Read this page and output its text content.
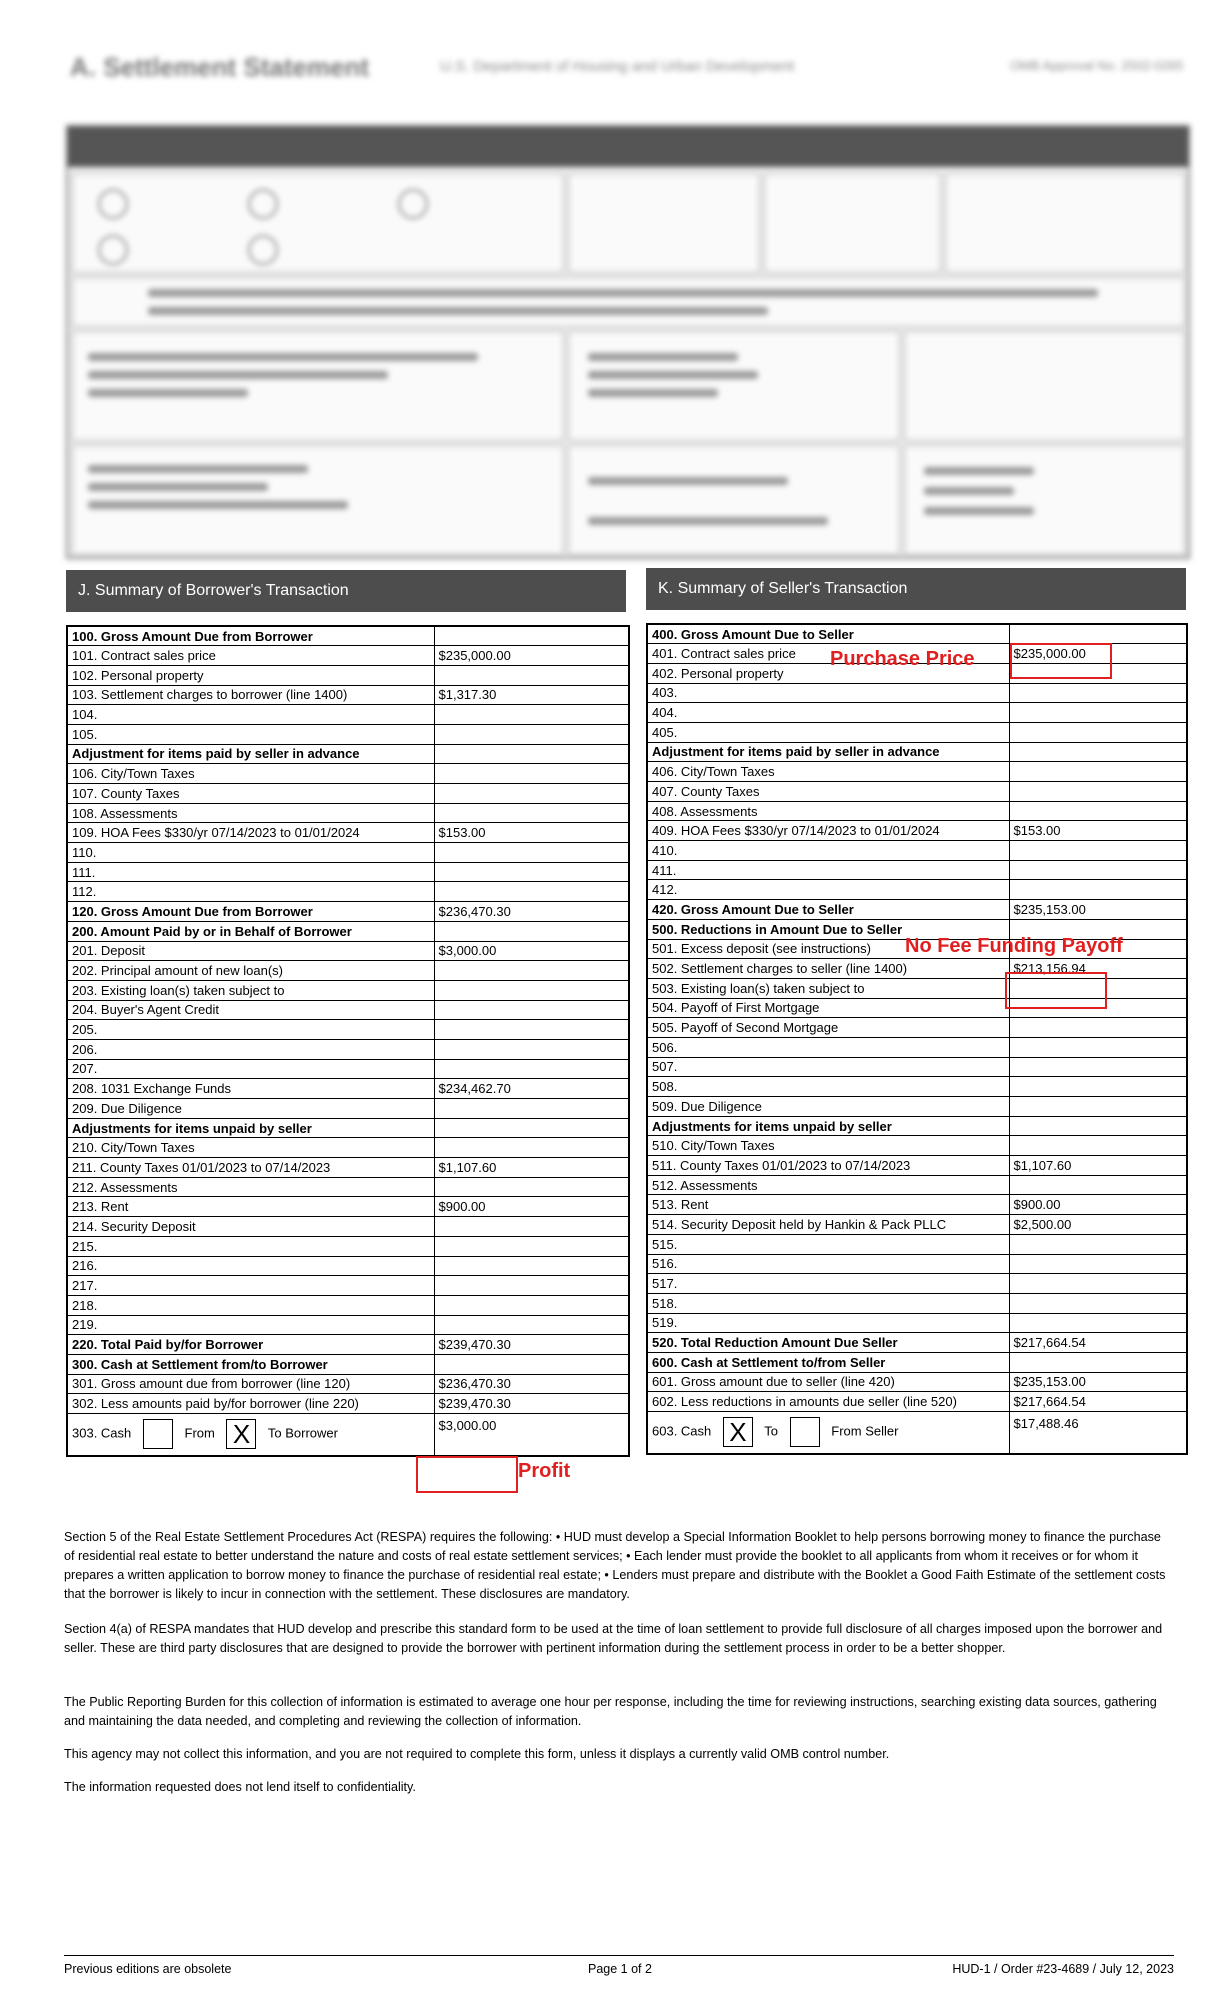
A. Settlement Statement	U.S. Department of Housing and Urban Development	OMB Approval No. 2502-0265
J. Summary of Borrower's Transaction	K. Summary of Seller's Transaction
100. Gross Amount Due from Borrower	
101. Contract sales price	$235,000.00
102. Personal property	
103. Settlement charges to borrower (line 1400)	$1,317.30
104.	
105.	
Adjustment for items paid by seller in advance	
106. City/Town Taxes	
107. County Taxes	
108. Assessments	
109. HOA Fees $330/yr 07/14/2023 to 01/01/2024	$153.00
110.	
111.	
112.	
120. Gross Amount Due from Borrower	$236,470.30
200. Amount Paid by or in Behalf of Borrower	
201. Deposit	$3,000.00
202. Principal amount of new loan(s)	
203. Existing loan(s) taken subject to	
204. Buyer's Agent Credit	
205.	
206.	
207.	
208. 1031 Exchange Funds	$234,462.70
209. Due Diligence	
Adjustments for items unpaid by seller	
210. City/Town Taxes	
211. County Taxes 01/01/2023 to 07/14/2023	$1,107.60
212. Assessments	
213. Rent	$900.00
214. Security Deposit	
215.	
216.	
217.	
218.	
219.	
220. Total Paid by/for Borrower	$239,470.30
300. Cash at Settlement from/to Borrower	
301. Gross amount due from borrower (line 120)	$236,470.30
302. Less amounts paid by/for borrower (line 220)	$239,470.30
303. Cash From X To Borrower	$3,000.00
400. Gross Amount Due to Seller	
401. Contract sales price	$235,000.00
402. Personal property	
403.	
404.	
405.	
Adjustment for items paid by seller in advance	
406. City/Town Taxes	
407. County Taxes	
408. Assessments	
409. HOA Fees $330/yr 07/14/2023 to 01/01/2024	$153.00
410.	
411.	
412.	
420. Gross Amount Due to Seller	$235,153.00
500. Reductions in Amount Due to Seller	
501. Excess deposit (see instructions)	
502. Settlement charges to seller (line 1400)	$213,156.94
503. Existing loan(s) taken subject to	
504. Payoff of First Mortgage	
505. Payoff of Second Mortgage	
506.	
507.	
508.	
509. Due Diligence	
Adjustments for items unpaid by seller	
510. City/Town Taxes	
511. County Taxes 01/01/2023 to 07/14/2023	$1,107.60
512. Assessments	
513. Rent	$900.00
514. Security Deposit held by Hankin & Pack PLLC	$2,500.00
515.	
516.	
517.	
518.	
519.	
520. Total Reduction Amount Due Seller	$217,664.54
600. Cash at Settlement to/from Seller	
601. Gross amount due to seller (line 420)	$235,153.00
602. Less reductions in amounts due seller (line 520)	$217,664.54
603. Cash X To From Seller	$17,488.46
Purchase Price
No Fee Funding Payoff
Profit
Section 5 of the Real Estate Settlement Procedures Act (RESPA) requires the following: • HUD must develop a Special Information Booklet to help persons borrowing money to finance the purchase of residential real estate to better understand the nature and costs of real estate settlement services; • Each lender must provide the booklet to all applicants from whom it receives or for whom it prepares a written application to borrow money to finance the purchase of residential real estate; • Lenders must prepare and distribute with the Booklet a Good Faith Estimate of the settlement costs that the borrower is likely to incur in connection with the settlement. These disclosures are mandatory.
Section 4(a) of RESPA mandates that HUD develop and prescribe this standard form to be used at the time of loan settlement to provide full disclosure of all charges imposed upon the borrower and seller. These are third party disclosures that are designed to provide the borrower with pertinent information during the settlement process in order to be a better shopper.
The Public Reporting Burden for this collection of information is estimated to average one hour per response, including the time for reviewing instructions, searching existing data sources, gathering and maintaining the data needed, and completing and reviewing the collection of information.
This agency may not collect this information, and you are not required to complete this form, unless it displays a currently valid OMB control number.
The information requested does not lend itself to confidentiality.
Previous editions are obsolete	Page 1 of 2	HUD-1 / Order #23-4689 / July 12, 2023
